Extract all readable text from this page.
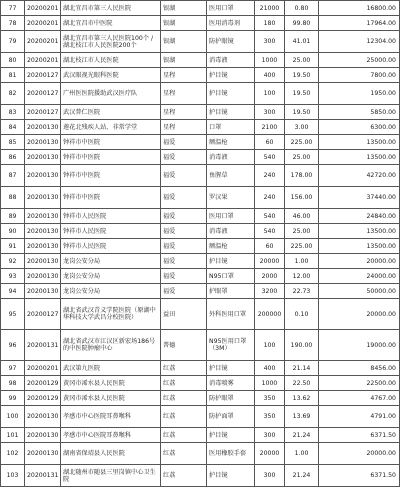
77	20200201	湖北宜昌市第三人民医院	银湖	医用口罩	21000	0.80	16800.00
78	20200201	湖北宜昌市中医院	银湖	医用消毒剂	180	99.80	17964.00
79	20200201	湖北宜昌市第三人民医院100个 / 湖北枝江市人民医院200个	银湖	防护眼镜	300	41.01	12304.00
80	20200201	湖北枝江市人民医院	银湖	消毒液	1000	25.00	25000.00
81	20200127	武汉眼视光眼科医院	星程	护目镜	400	19.50	7800.00
82	20200127	广州医医院援助武汉医疗队	星程	护目镜	100	19.50	1950.00
83	20200127	武汉普仁医院	星程	护目镜	300	19.50	5850.00
84	20200130	莲花北残疾人站、非常学堂	星程	口罩	2100	3.00	6300.00
85	20200130	钟祥市中医院	福爱	额温枪	60	225.00	13500.00
86	20200130	钟祥市中医院	福爱	消毒液	540	25.00	13500.00
87	20200130	钟祥市中医院	福爱	鱼腥草	240	178.00	42720.00
88	20200130	钟祥市中医院	福爱	罗汉果	240	156.00	37440.00
89	20200130	钟祥市人民医院	福爱	医用口罩	540	46.00	24840.00
90	20200130	钟祥市人民医院	福爱	消毒液	540	25.00	13500.00
91	20200130	钟祥市人民医院	福爱	额温枪	60	225.00	13500.00
92	20200130	龙岗公安分局	福爱	护目镜	20000	1.00	20000.00
93	20200130	龙岗公安分局	福爱	N95口罩	2000	12.00	24000.00
94	20200130	龙岗公安分局	福爱	护眼罩	3200	22.73	50000.00
95	20200127	湖北省武汉青义学院医院（原湖中华科技大学武昌分校医院）	益田	外科医用口罩	200000	0.10	20000.00
96	20200131	湖北省武汉市江汉区新宏场186号的中医院肿瘤中心	普德	N95医用口罩（3M）	100	190.00	19000.00
97	20200201	武汉第九医院	红荔	护目镜	400	21.14	8456.00
98	20200129	黄冈市浠水县人民医院	红荔	消毒喷雾	1000	22.50	22500.00
99	20200129	黄冈市浠水县人民医院	红荔	防护眼罩	350	13.62	4767.00
100	20200130	孝感市中心医院耳鼻喉科	红荔	防护面罩	350	13.69	4791.00
101	20200130	孝感市中心医院耳鼻喉科	红荔	护目镜	300	21.24	6371.50
102	20200130	湖南省保靖县人民医院	红荔	医用橡胶手套	20000	1.00	20000.00
103	20200131	湖北随州市随县三里岗镇中心卫生院	红荔	护目镜	300	21.24	6371.50
